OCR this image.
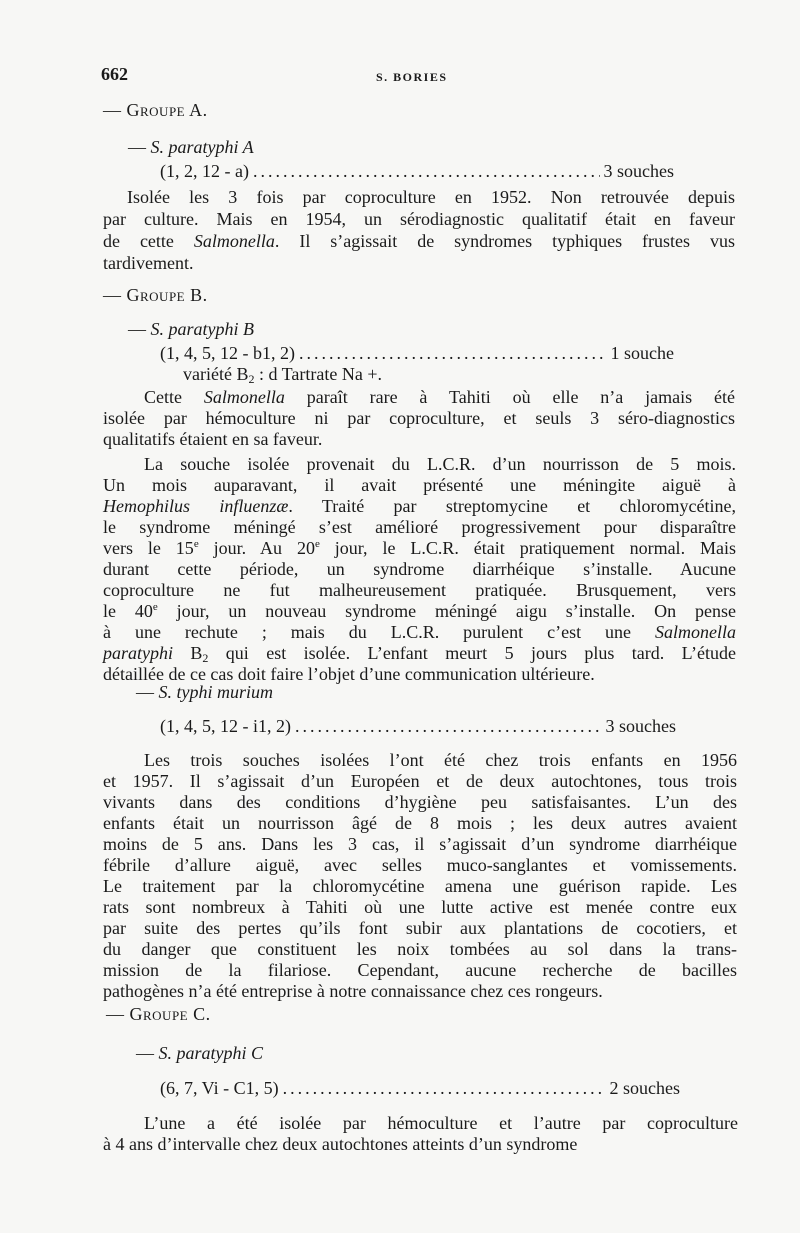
662	S. BORIES
— Groupe A.
— S. paratyphi A
(1, 2, 12 - a) .....	3 souches
Isolée les 3 fois par coproculture en 1952. Non retrouvée depuis
par culture. Mais en 1954, un sérodiagnostic qualitatif était en faveur
de cette Salmonella. Il s’agissait de syndromes typhiques frustes vus
tardivement.
— Groupe B.
— S. paratyphi B
(1, 4, 5, 12 - b1, 2) .....	1 souche
variété $B_2$ : d Tartrate Na +.
Cette Salmonella paraît rare à Tahiti où elle n’a jamais été
isolée par hémoculture ni par coproculture, et seuls 3 séro-diagnostics
qualitatifs étaient en sa faveur.
La souche isolée provenait du L.C.R. d’un nourrisson de 5 mois.
Un mois auparavant, il avait présenté une méningite aiguë à
Hemophilus influenzæ. Traité par streptomycine et chloromycétine,
le syndrome méningé s’est amélioré progressivement pour disparaître
vers le 15e jour. Au 20e jour, le L.C.R. était pratiquement normal. Mais
durant cette période, un syndrome diarrhéique s’installe. Aucune
coproculture ne fut malheureusement pratiquée. Brusquement, vers
le 40e jour, un nouveau syndrome méningé aigu s’installe. On pense
à une rechute ; mais du L.C.R. purulent c’est une Salmonella
paratyphi $B_2$ qui est isolée. L’enfant meurt 5 jours plus tard. L’étude
détaillée de ce cas doit faire l’objet d’une communication ultérieure.
— S. typhi murium
(1, 4, 5, 12 - i1, 2) .....	3 souches
Les trois souches isolées l’ont été chez trois enfants en 1956
et 1957. Il s’agissait d’un Européen et de deux autochtones, tous trois
vivants dans des conditions d’hygiène peu satisfaisantes. L’un des
enfants était un nourrisson âgé de 8 mois ; les deux autres avaient
moins de 5 ans. Dans les 3 cas, il s’agissait d’un syndrome diarrhéique
fébrile d’allure aiguë, avec selles muco-sanglantes et vomissements.
Le traitement par la chloromycétine amena une guérison rapide. Les
rats sont nombreux à Tahiti où une lutte active est menée contre eux
par suite des pertes qu’ils font subir aux plantations de cocotiers, et
du danger que constituent les noix tombées au sol dans la trans-
mission de la filariose. Cependant, aucune recherche de bacilles
pathogènes n’a été entreprise à notre connaissance chez ces rongeurs.
— Groupe C.
— S. paratyphi C
(6, 7, Vi - C1, 5) .....	2 souches
L’une a été isolée par hémoculture et l’autre par coproculture
à 4 ans d’intervalle chez deux autochtones atteints d’un syndrome
